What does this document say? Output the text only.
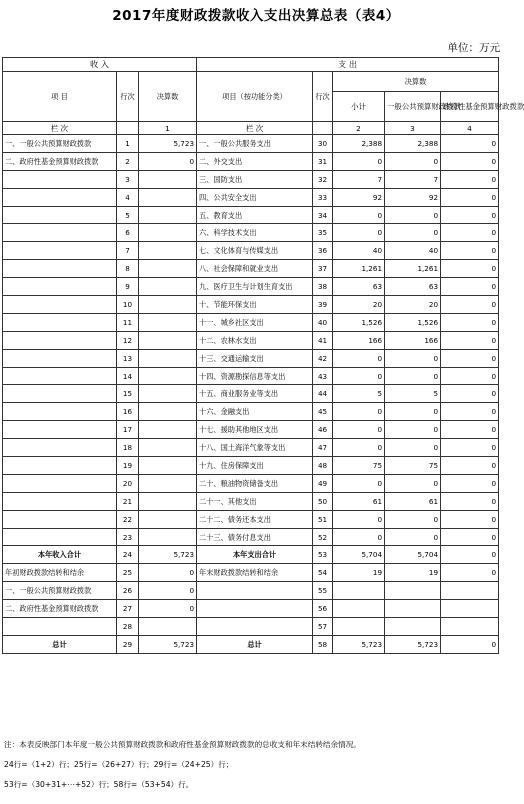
2017年度财政拨款收入支出决算总表（表4）
单位：万元
收 入			支 出				
项 目	行次	决算数	项目（按功能分类）	行次	决算数		
					小计	一般公共预算财政拨款	政府性基金预算财政拨款
栏 次		1	栏 次		2	3	4
一、一般公共预算财政拨款	1	5,723	一、一般公共服务支出	30	2,388	2,388	0
二、政府性基金预算财政拨款	2	0	二、外交支出	31	0	0	0
	3		三、国防支出	32	7	7	0
	4		四、公共安全支出	33	92	92	0
	5		五、教育支出	34	0	0	0
	6		六、科学技术支出	35	0	0	0
	7		七、文化体育与传媒支出	36	40	40	0
	8		八、社会保障和就业支出	37	1,261	1,261	0
	9		九、医疗卫生与计划生育支出	38	63	63	0
	10		十、节能环保支出	39	20	20	0
	11		十一、城乡社区支出	40	1,526	1,526	0
	12		十二、农林水支出	41	166	166	0
	13		十三、交通运输支出	42	0	0	0
	14		十四、资源勘探信息等支出	43	0	0	0
	15		十五、商业服务业等支出	44	5	5	0
	16		十六、金融支出	45	0	0	0
	17		十七、援助其他地区支出	46	0	0	0
	18		十八、国土海洋气象等支出	47	0	0	0
	19		十九、住房保障支出	48	75	75	0
	20		二十、粮油物资储备支出	49	0	0	0
	21		二十一、其他支出	50	61	61	0
	22		二十二、债务还本支出	51	0	0	0
	23		二十三、债务付息支出	52	0	0	0
本年收入合计	24	5,723	本年支出合计	53	5,704	5,704	0
年初财政拨款结转和结余	25	0	年末财政拨款结转和结余	54	19	19	0
一、一般公共预算财政拨款	26	0		55			
二、政府性基金预算财政拨款	27	0		56			
	28			57			
总计	29	5,723	总计	58	5,723	5,723	0
注：本表反映部门本年度一般公共预算财政拨款和政府性基金预算财政拨款的总收支和年末结转结余情况。
24行=（1+2）行；25行=（26+27）行；29行=（24+25）行；
53行=（30+31+⋯+52）行；58行=（53+54）行。
